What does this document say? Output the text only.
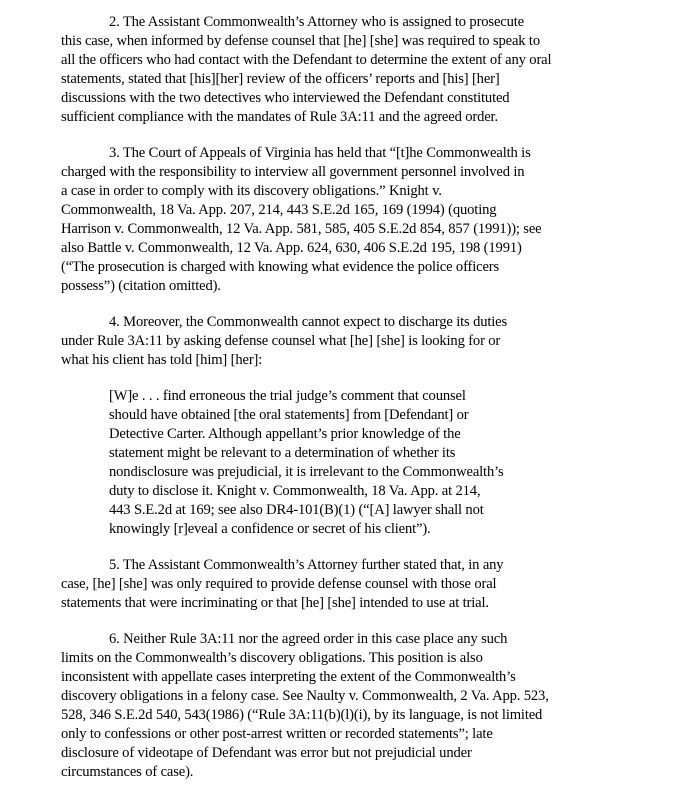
2. The Assistant Commonwealth’s Attorney who is assigned to prosecute
this case, when informed by defense counsel that [he] [she] was required to speak to
all the officers who had contact with the Defendant to determine the extent of any oral
statements, stated that [his][her] review of the officers’ reports and [his] [her]
discussions with the two detectives who interviewed the Defendant constituted
sufficient compliance with the mandates of Rule 3A:11 and the agreed order.

3. The Court of Appeals of Virginia has held that “[t]he Commonwealth is
charged with the responsibility to interview all government personnel involved in
a case in order to comply with its discovery obligations.” Knight v.
Commonwealth, 18 Va. App. 207, 214, 443 S.E.2d 165, 169 (1994) (quoting
Harrison v. Commonwealth, 12 Va. App. 581, 585, 405 S.E.2d 854, 857 (1991)); see
also Battle v. Commonwealth, 12 Va. App. 624, 630, 406 S.E.2d 195, 198 (1991)
(“The prosecution is charged with knowing what evidence the police officers
possess”) (citation omitted).

4. Moreover, the Commonwealth cannot expect to discharge its duties
under Rule 3A:11 by asking defense counsel what [he] [she] is looking for or
what his client has told [him] [her]:

[W]e . . . find erroneous the trial judge’s comment that counsel
should have obtained [the oral statements] from [Defendant] or
Detective Carter. Although appellant’s prior knowledge of the
statement might be relevant to a determination of whether its
nondisclosure was prejudicial, it is irrelevant to the Commonwealth’s
duty to disclose it. Knight v. Commonwealth, 18 Va. App. at 214,
443 S.E.2d at 169; see also DR4-101(B)(1) (“[A] lawyer shall not
knowingly [r]eveal a confidence or secret of his client”).

5. The Assistant Commonwealth’s Attorney further stated that, in any
case, [he] [she] was only required to provide defense counsel with those oral
statements that were incriminating or that [he] [she] intended to use at trial.

6. Neither Rule 3A:11 nor the agreed order in this case place any such
limits on the Commonwealth’s discovery obligations. This position is also
inconsistent with appellate cases interpreting the extent of the Commonwealth’s
discovery obligations in a felony case. See Naulty v. Commonwealth, 2 Va. App. 523,
528, 346 S.E.2d 540, 543(1986) (“Rule 3A:11(b)(l)(i), by its language, is not limited
only to confessions or other post-arrest written or recorded statements”; late
disclosure of videotape of Defendant was error but not prejudicial under
circumstances of case).
